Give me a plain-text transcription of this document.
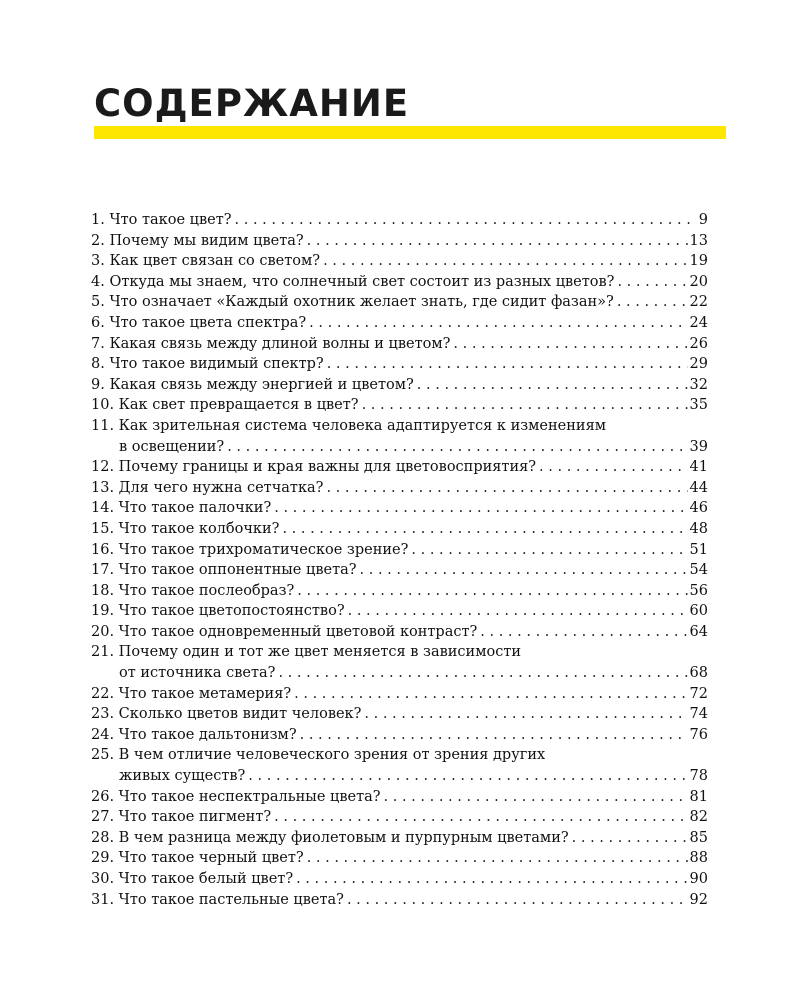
СОДЕРЖАНИЕ
1. Что такое цвет? . . .	9
2. Почему мы видим цвета? . . .	13
3. Как цвет связан со светом? . . .	19
4. Откуда мы знаем, что солнечный свет состоит из разных цветов? . . .	20
5. Что означает «Каждый охотник желает знать, где сидит фазан»? . . .	22
6. Что такое цвета спектра? . . .	24
7. Какая связь между длиной волны и цветом? . . .	26
8. Что такое видимый спектр? . . .	29
9. Какая связь между энергией и цветом? . . .	32
10. Как свет превращается в цвет? . . .	35
11. Как зрительная система человека адаптируется к изменениям
в освещении? . . .	39
12. Почему границы и края важны для цветовосприятия? . . .	41
13. Для чего нужна сетчатка? . . .	44
14. Что такое палочки? . . .	46
15. Что такое колбочки? . . .	48
16. Что такое трихроматическое зрение? . . .	51
17. Что такое оппонентные цвета? . . .	54
18. Что такое послеобраз? . . .	56
19. Что такое цветопостоянство? . . .	60
20. Что такое одновременный цветовой контраст? . . .	64
21. Почему один и тот же цвет меняется в зависимости
от источника света? . . .	68
22. Что такое метамерия? . . .	72
23. Сколько цветов видит человек? . . .	74
24. Что такое дальтонизм? . . .	76
25. В чем отличие человеческого зрения от зрения других
живых существ? . . .	78
26. Что такое неспектральные цвета? . . .	81
27. Что такое пигмент? . . .	82
28. В чем разница между фиолетовым и пурпурным цветами? . . .	85
29. Что такое черный цвет? . . .	88
30. Что такое белый цвет? . . .	90
31. Что такое пастельные цвета? . . .	92
